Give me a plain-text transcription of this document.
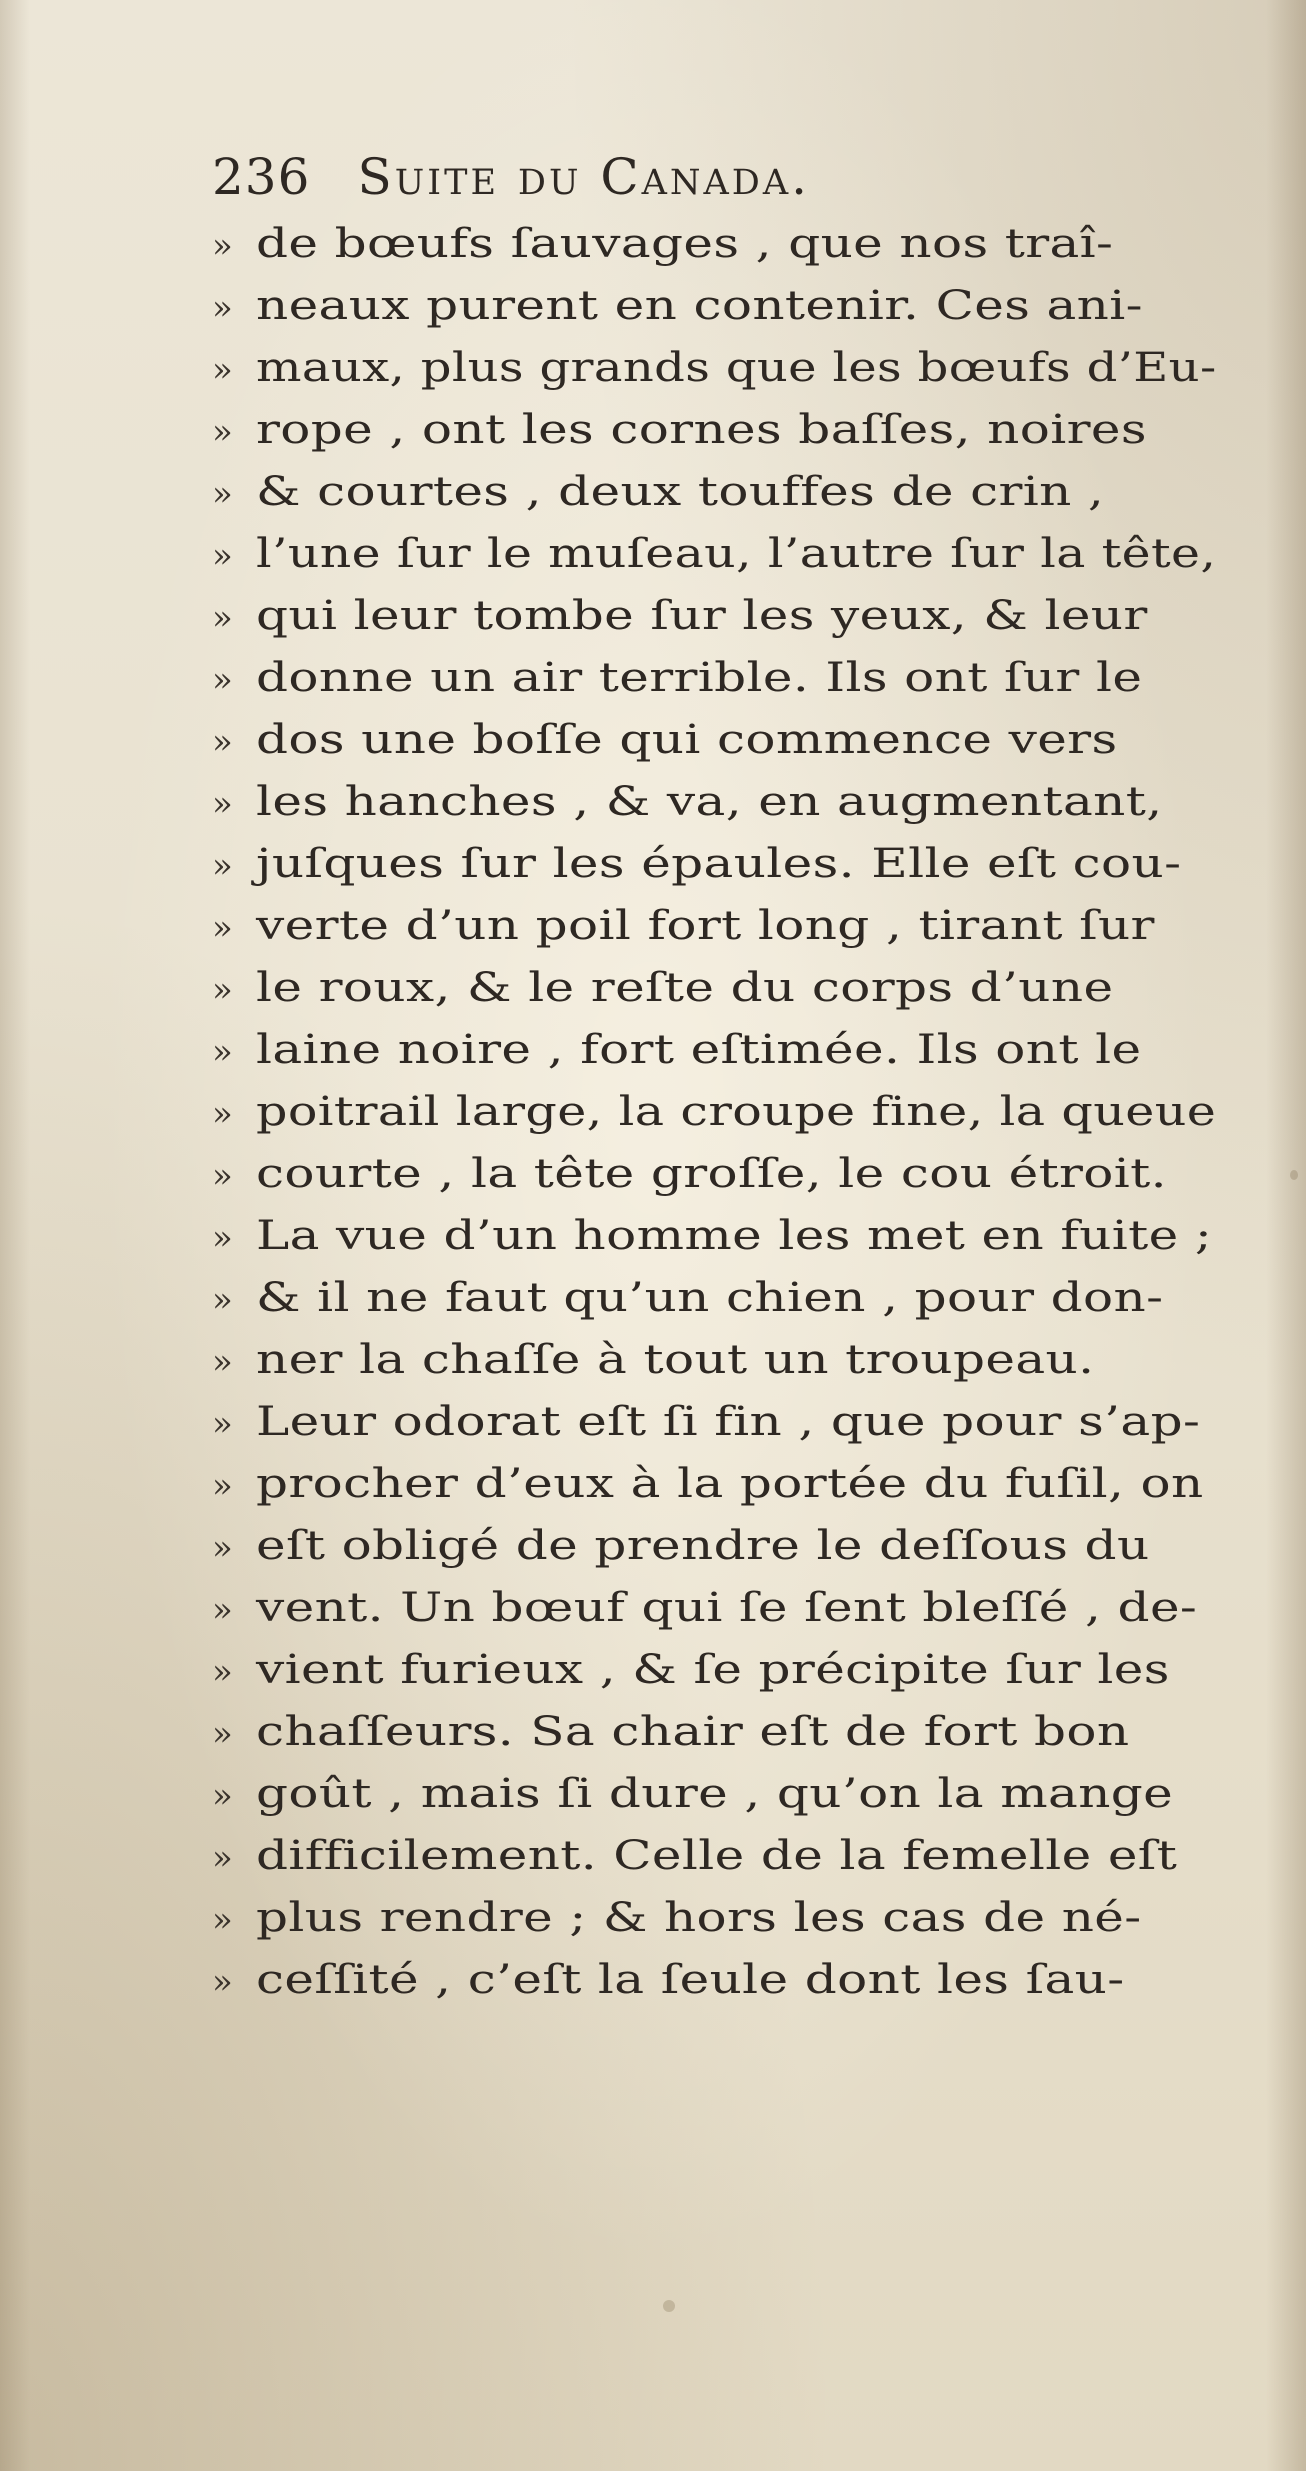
236 Suite du Canada.
» de bœufs ſauvages , que nos traî-
» neaux purent en contenir. Ces ani-
» maux, plus grands que les bœufs d’Eu-
» rope , ont les cornes baſſes, noires
» & courtes , deux touffes de crin ,
» l’une ſur le muſeau, l’autre ſur la tête,
» qui leur tombe ſur les yeux, & leur
» donne un air terrible. Ils ont ſur le
» dos une boſſe qui commence vers
» les hanches , & va, en augmentant,
» juſques ſur les épaules. Elle eſt cou-
» verte d’un poil fort long , tirant ſur
» le roux, & le reſte du corps d’une
» laine noire , fort eſtimée. Ils ont le
» poitrail large, la croupe fine, la queue
» courte , la tête groſſe, le cou étroit.
» La vue d’un homme les met en fuite ;
» & il ne faut qu’un chien , pour don-
» ner la chaſſe à tout un troupeau.
» Leur odorat eſt ſi fin , que pour s’ap-
» procher d’eux à la portée du fuſil, on
» eſt obligé de prendre le deſſous du
» vent. Un bœuf qui ſe ſent bleſſé , de-
» vient furieux , & ſe précipite ſur les
» chaſſeurs. Sa chair eſt de fort bon
» goût , mais ſi dure , qu’on la mange
» difficilement. Celle de la femelle eſt
» plus rendre ; & hors les cas de né-
» ceſſité , c’eſt la ſeule dont les ſau-
